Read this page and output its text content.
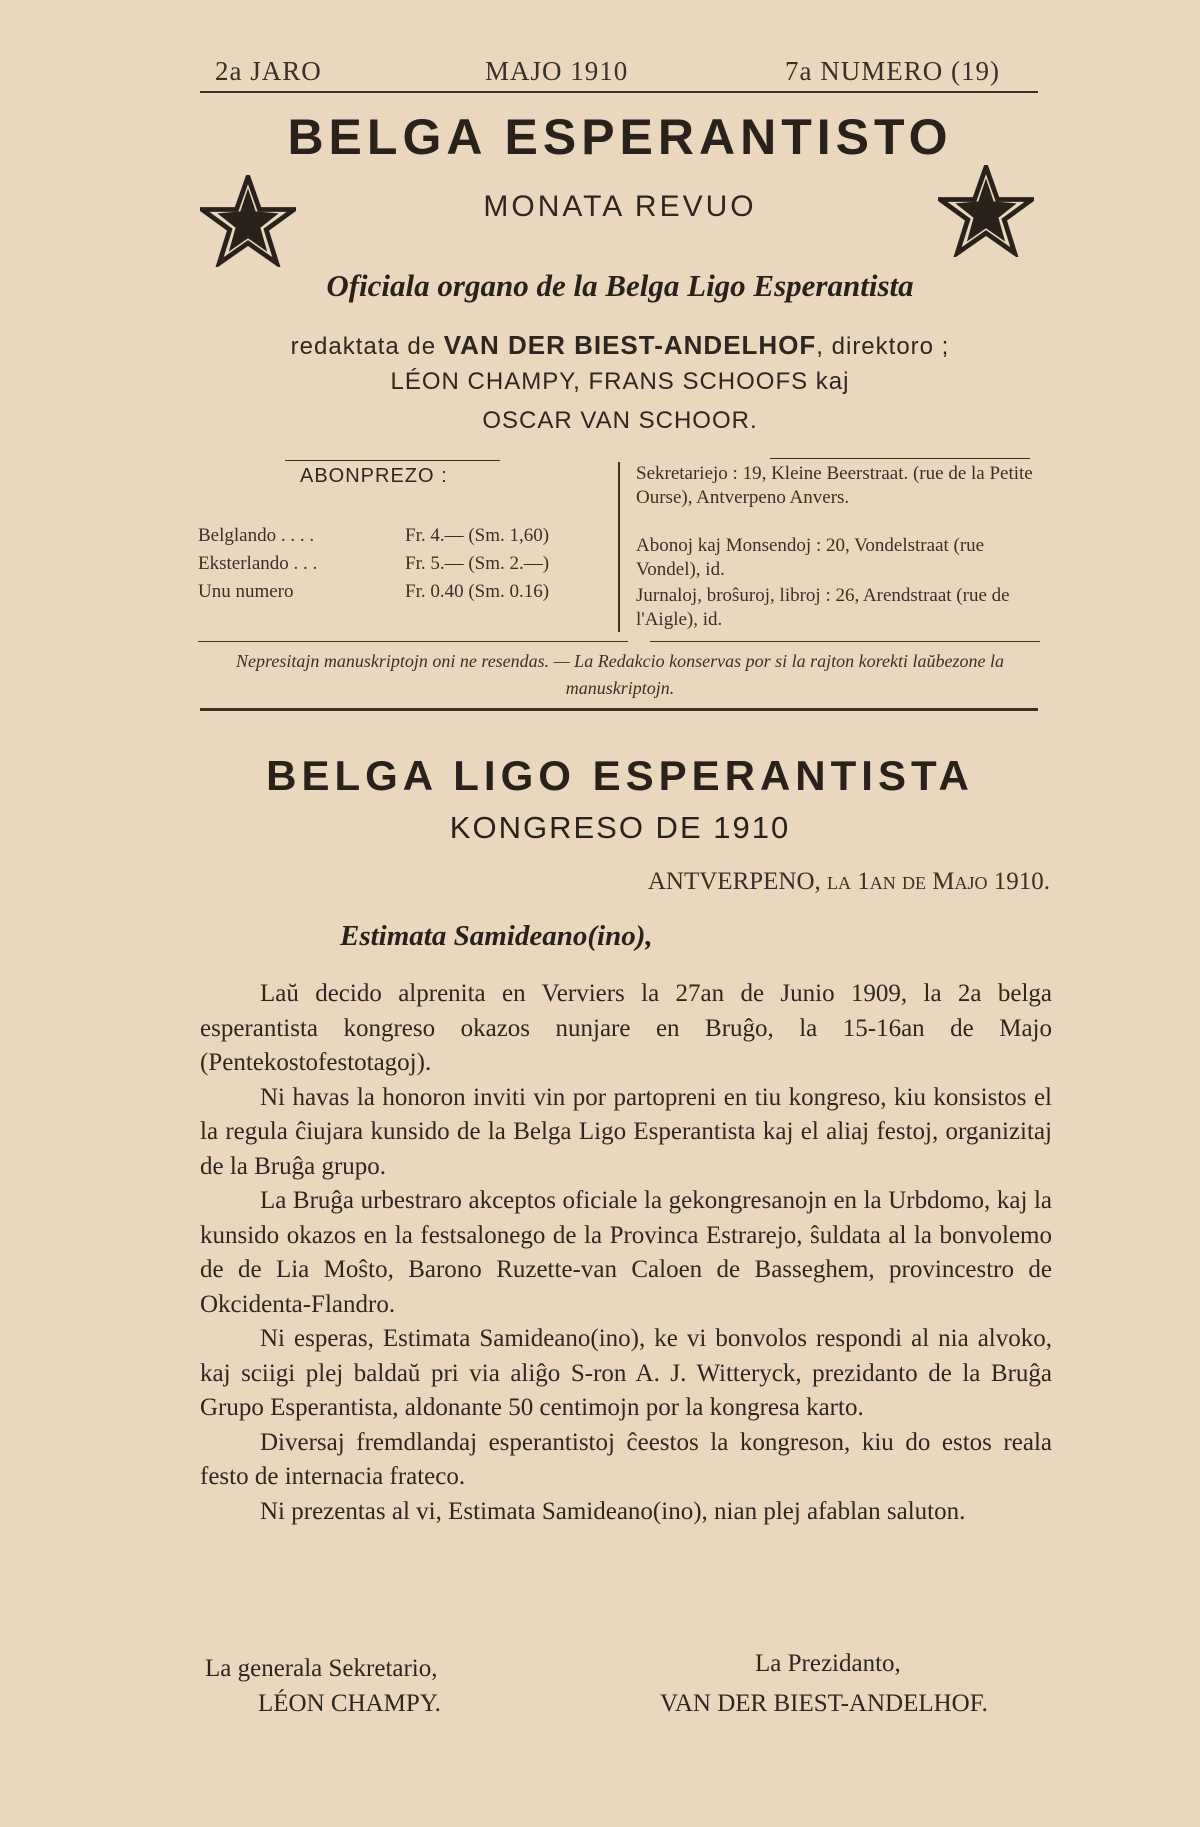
2a JARO	MAJO 1910	7a NUMERO (19)
BELGA ESPERANTISTO
MONATA REVUO
Oficiala organo de la Belga Ligo Esperantista
redaktata de VAN DER BIEST-ANDELHOF, direktoro ;
LÉON CHAMPY, FRANS SCHOOFS kaj
OSCAR VAN SCHOOR.
ABONPREZO :
Belglando . . . .	Fr. 4.— (Sm. 1,60)
Eksterlando . . .	Fr. 5.— (Sm. 2.—)
Unu numero	Fr. 0.40 (Sm. 0.16)
Sekretariejo : 19, Kleine Beerstraat. (rue de la Petite Ourse), Antverpeno Anvers.
Abonoj kaj Monsendoj : 20, Vondelstraat (rue Vondel), id.
Jurnaloj, broŝuroj, libroj : 26, Arendstraat (rue de l'Aigle), id.
Nepresitajn manuskriptojn oni ne resendas. — La Redakcio konservas por si la rajton korekti laŭbezone la manuskriptojn.
BELGA LIGO ESPERANTISTA
KONGRESO DE 1910
ANTVERPENO, la 1an de Majo 1910.
Estimata Samideano(ino),

Laŭ decido alprenita en Verviers la 27an de Junio 1909, la 2a belga esperantista kongreso okazos nunjare en Bruĝo, la 15-16an de Majo (Pentekostofestotagoj).

Ni havas la honoron inviti vin por partopreni en tiu kongreso, kiu konsistos el la regula ĉiujara kunsido de la Belga Ligo Esperantista kaj el aliaj festoj, organizitaj de la Bruĝa grupo.

La Bruĝa urbestraro akceptos oficiale la gekongresanojn en la Urbdomo, kaj la kunsido okazos en la festsalonego de la Provinca Estrarejo, ŝuldata al la bonvolemo de de Lia Moŝto, Barono Ruzette-van Caloen de Basseghem, provincestro de Okcidenta-Flandro.

Ni esperas, Estimata Samideano(ino), ke vi bonvolos respondi al nia alvoko, kaj sciigi plej baldaŭ pri via aliĝo S-ron A. J. Witteryck, prezidanto de la Bruĝa Grupo Esperantista, aldonante 50 centimojn por la kongresa karto.

Diversaj fremdlandaj esperantistoj ĉeestos la kongreson, kiu do estos reala festo de internacia frateco.

Ni prezentas al vi, Estimata Samideano(ino), nian plej afablan saluton.

La generala Sekretario,
LÉON CHAMPY.
La Prezidanto,
VAN DER BIEST-ANDELHOF.
